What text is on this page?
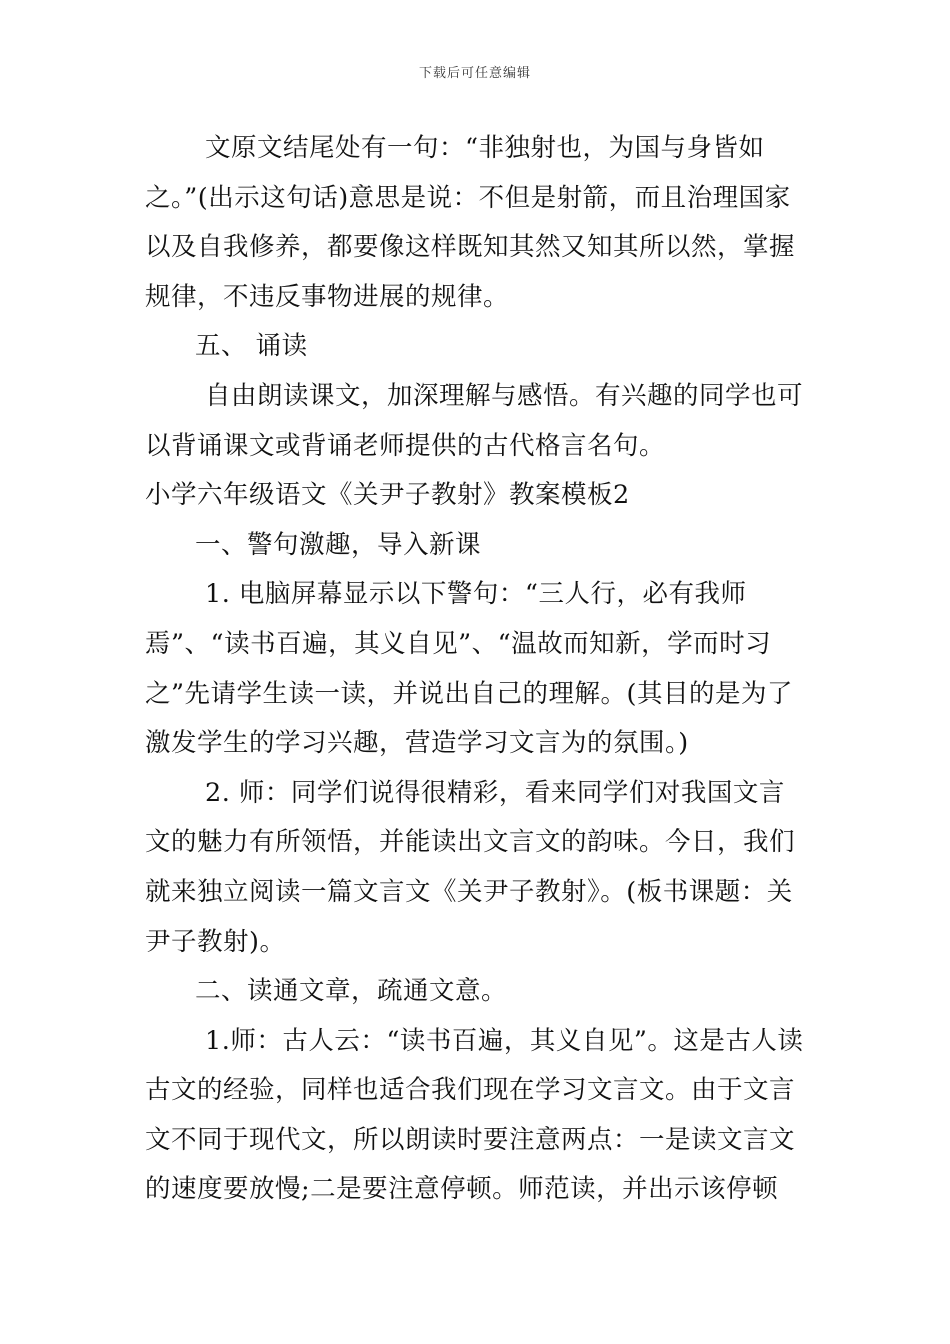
下载后可任意编辑

文原文结尾处有一句：“非独射也，为国与身皆如之。”(出示这句话)意思是说：不但是射箭，而且治理国家以及自我修养，都要像这样既知其然又知其所以然，掌握规律，不违反事物进展的规律。

五、 诵读

自由朗读课文，加深理解与感悟。有兴趣的同学也可以背诵课文或背诵老师提供的古代格言名句。

小学六年级语文《关尹子教射》教案模板2

一、警句激趣，导入新课

1. 电脑屏幕显示以下警句：“三人行，必有我师焉”、“读书百遍，其义自见”、“温故而知新，学而时习之”先请学生读一读，并说出自己的理解。(其目的是为了激发学生的学习兴趣，营造学习文言为的氛围。)

2. 师：同学们说得很精彩，看来同学们对我国文言文的魅力有所领悟，并能读出文言文的韵味。今日，我们就来独立阅读一篇文言文《关尹子教射》。(板书课题：关尹子教射)。

二、读通文章，疏通文意。

1.师：古人云：“读书百遍，其义自见”。这是古人读古文的经验，同样也适合我们现在学习文言文。由于文言文不同于现代文，所以朗读时要注意两点：一是读文言文的速度要放慢;二是要注意停顿。师范读，并出示该停顿
